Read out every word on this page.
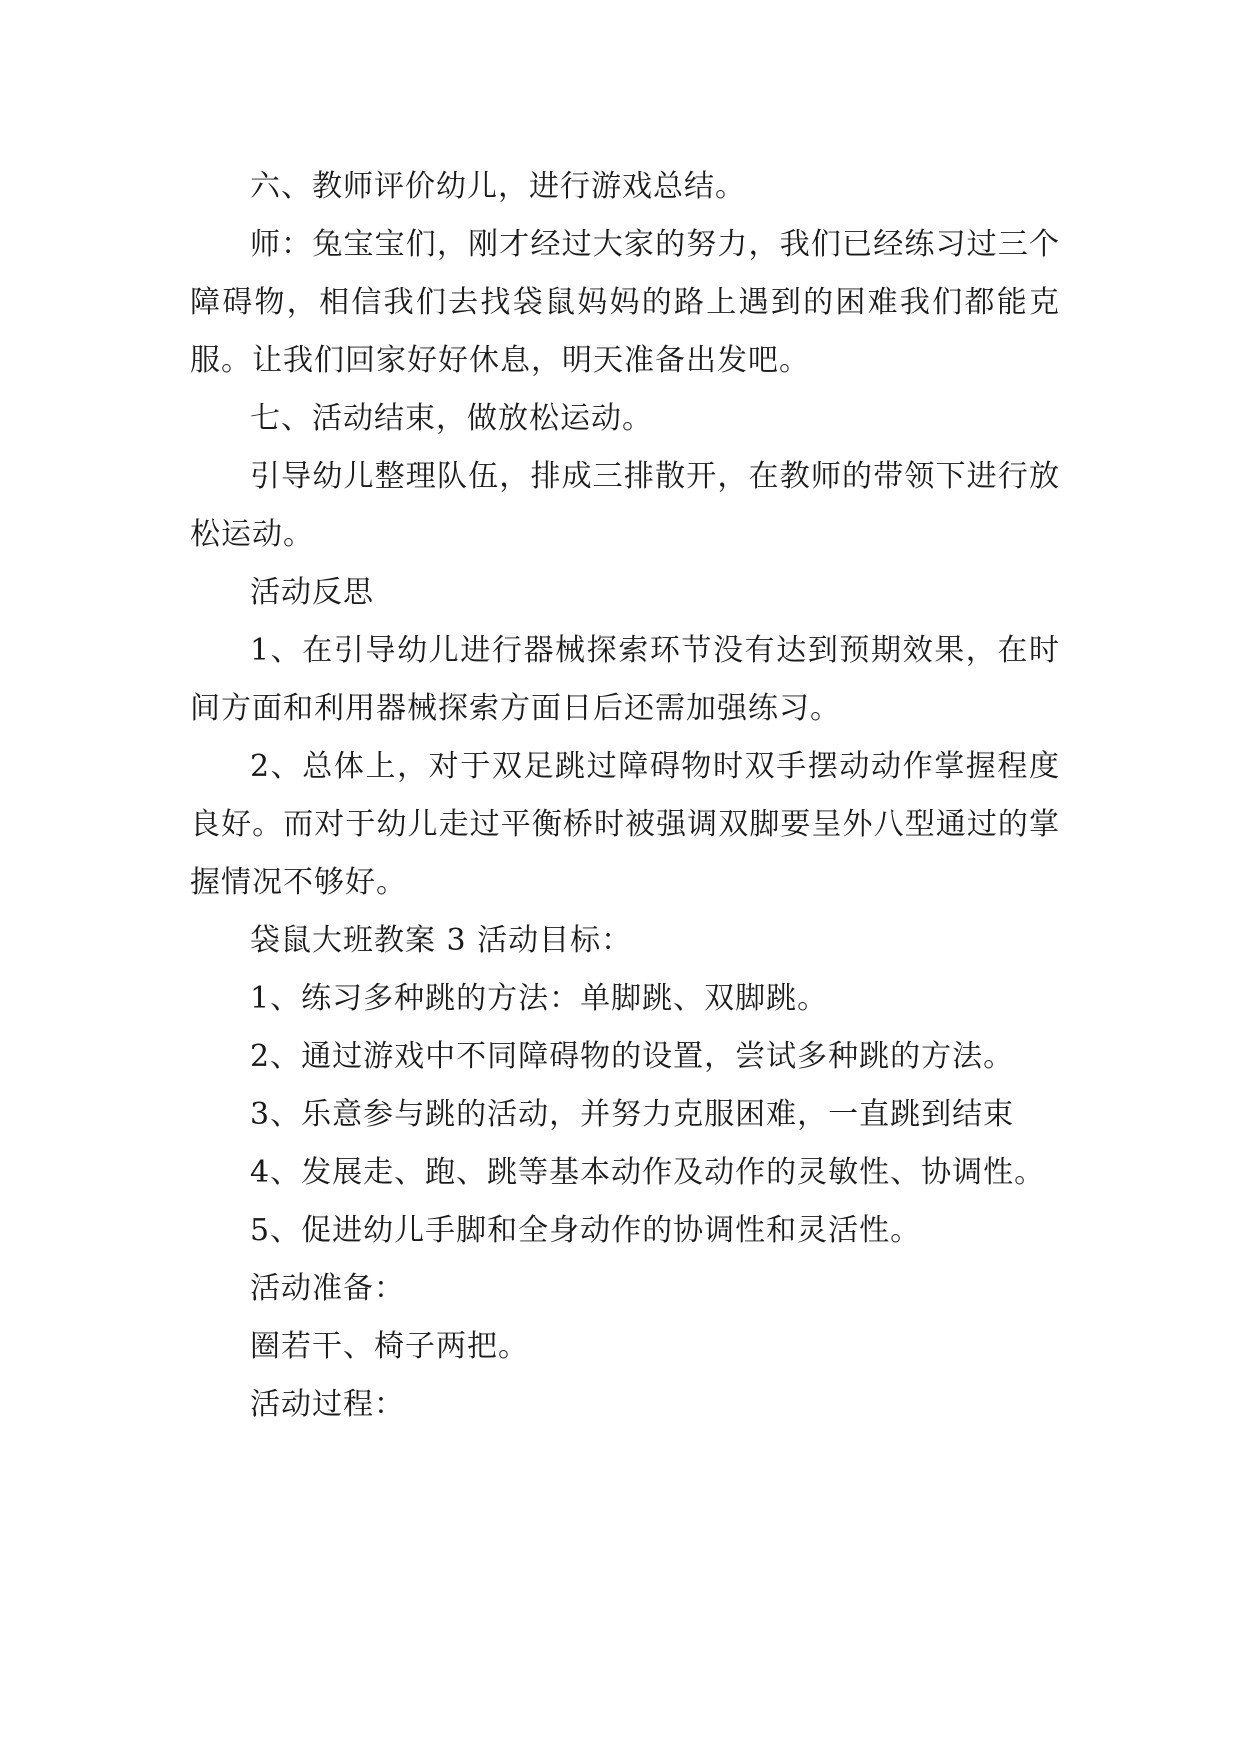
六、教师评价幼儿，进行游戏总结。

师：兔宝宝们，刚才经过大家的努力，我们已经练习过三个障碍物，相信我们去找袋鼠妈妈的路上遇到的困难我们都能克服。让我们回家好好休息，明天准备出发吧。

七、活动结束，做放松运动。

引导幼儿整理队伍，排成三排散开，在教师的带领下进行放松运动。

活动反思

1、在引导幼儿进行器械探索环节没有达到预期效果，在时间方面和利用器械探索方面日后还需加强练习。

2、总体上，对于双足跳过障碍物时双手摆动动作掌握程度良好。而对于幼儿走过平衡桥时被强调双脚要呈外八型通过的掌握情况不够好。

袋鼠大班教案 3 活动目标：

1、练习多种跳的方法：单脚跳、双脚跳。

2、通过游戏中不同障碍物的设置，尝试多种跳的方法。

3、乐意参与跳的活动，并努力克服困难，一直跳到结束

4、发展走、跑、跳等基本动作及动作的灵敏性、协调性。

5、促进幼儿手脚和全身动作的协调性和灵活性。

活动准备：

圈若干、椅子两把。

活动过程：
